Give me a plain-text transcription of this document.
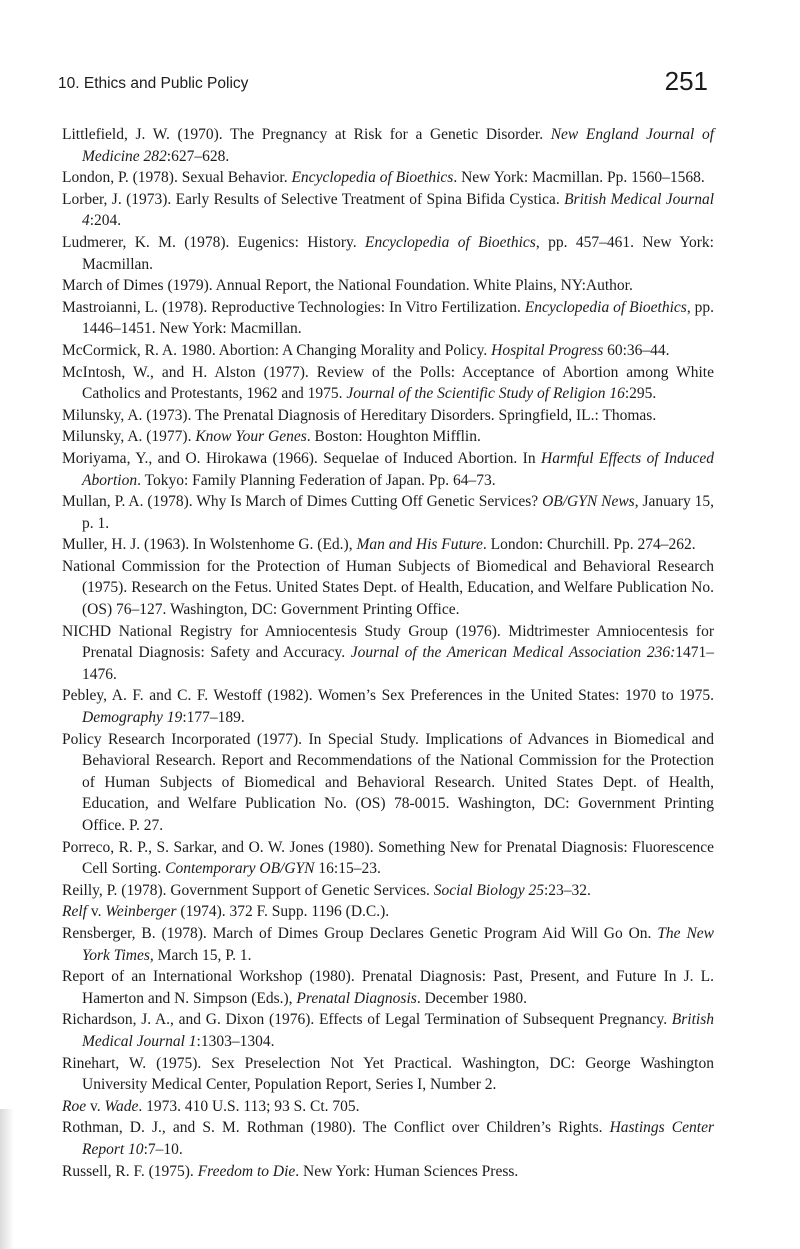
10. Ethics and Public Policy	251

Littlefield, J. W. (1970). The Pregnancy at Risk for a Genetic Disorder. New England Journal of Medicine 282:627–628.

London, P. (1978). Sexual Behavior. Encyclopedia of Bioethics. New York: Macmillan. Pp. 1560–1568.

Lorber, J. (1973). Early Results of Selective Treatment of Spina Bifida Cystica. British Medical Journal 4:204.

Ludmerer, K. M. (1978). Eugenics: History. Encyclopedia of Bioethics, pp. 457–461. New York: Macmillan.

March of Dimes (1979). Annual Report, the National Foundation. White Plains, NY:Author.

Mastroianni, L. (1978). Reproductive Technologies: In Vitro Fertilization. Encyclopedia of Bioethics, pp. 1446–1451. New York: Macmillan.

McCormick, R. A. 1980. Abortion: A Changing Morality and Policy. Hospital Progress 60:36–44.

McIntosh, W., and H. Alston (1977). Review of the Polls: Acceptance of Abortion among White Catholics and Protestants, 1962 and 1975. Journal of the Scientific Study of Religion 16:295.

Milunsky, A. (1973). The Prenatal Diagnosis of Hereditary Disorders. Springfield, IL.: Thomas.

Milunsky, A. (1977). Know Your Genes. Boston: Houghton Mifflin.

Moriyama, Y., and O. Hirokawa (1966). Sequelae of Induced Abortion. In Harmful Effects of Induced Abortion. Tokyo: Family Planning Federation of Japan. Pp. 64–73.

Mullan, P. A. (1978). Why Is March of Dimes Cutting Off Genetic Services? OB/GYN News, January 15, p. 1.

Muller, H. J. (1963). In Wolstenhome G. (Ed.), Man and His Future. London: Churchill. Pp. 274–262.

National Commission for the Protection of Human Subjects of Biomedical and Behavioral Research (1975). Research on the Fetus. United States Dept. of Health, Education, and Welfare Publication No. (OS) 76–127. Washington, DC: Government Printing Office.

NICHD National Registry for Amniocentesis Study Group (1976). Midtrimester Amniocentesis for Prenatal Diagnosis: Safety and Accuracy. Journal of the American Medical Association 236:1471–1476.

Pebley, A. F. and C. F. Westoff (1982). Women’s Sex Preferences in the United States: 1970 to 1975. Demography 19:177–189.

Policy Research Incorporated (1977). In Special Study. Implications of Advances in Biomedical and Behavioral Research. Report and Recommendations of the National Commission for the Protection of Human Subjects of Biomedical and Behavioral Research. United States Dept. of Health, Education, and Welfare Publication No. (OS) 78-0015. Washington, DC: Government Printing Office. P. 27.

Porreco, R. P., S. Sarkar, and O. W. Jones (1980). Something New for Prenatal Diagnosis: Fluorescence Cell Sorting. Contemporary OB/GYN 16:15–23.

Reilly, P. (1978). Government Support of Genetic Services. Social Biology 25:23–32.

Relf v. Weinberger (1974). 372 F. Supp. 1196 (D.C.).

Rensberger, B. (1978). March of Dimes Group Declares Genetic Program Aid Will Go On. The New York Times, March 15, P. 1.

Report of an International Workshop (1980). Prenatal Diagnosis: Past, Present, and Future In J. L. Hamerton and N. Simpson (Eds.), Prenatal Diagnosis. December 1980.

Richardson, J. A., and G. Dixon (1976). Effects of Legal Termination of Subsequent Pregnancy. British Medical Journal 1:1303–1304.

Rinehart, W. (1975). Sex Preselection Not Yet Practical. Washington, DC: George Washington University Medical Center, Population Report, Series I, Number 2.

Roe v. Wade. 1973. 410 U.S. 113; 93 S. Ct. 705.

Rothman, D. J., and S. M. Rothman (1980). The Conflict over Children’s Rights. Hastings Center Report 10:7–10.

Russell, R. F. (1975). Freedom to Die. New York: Human Sciences Press.
